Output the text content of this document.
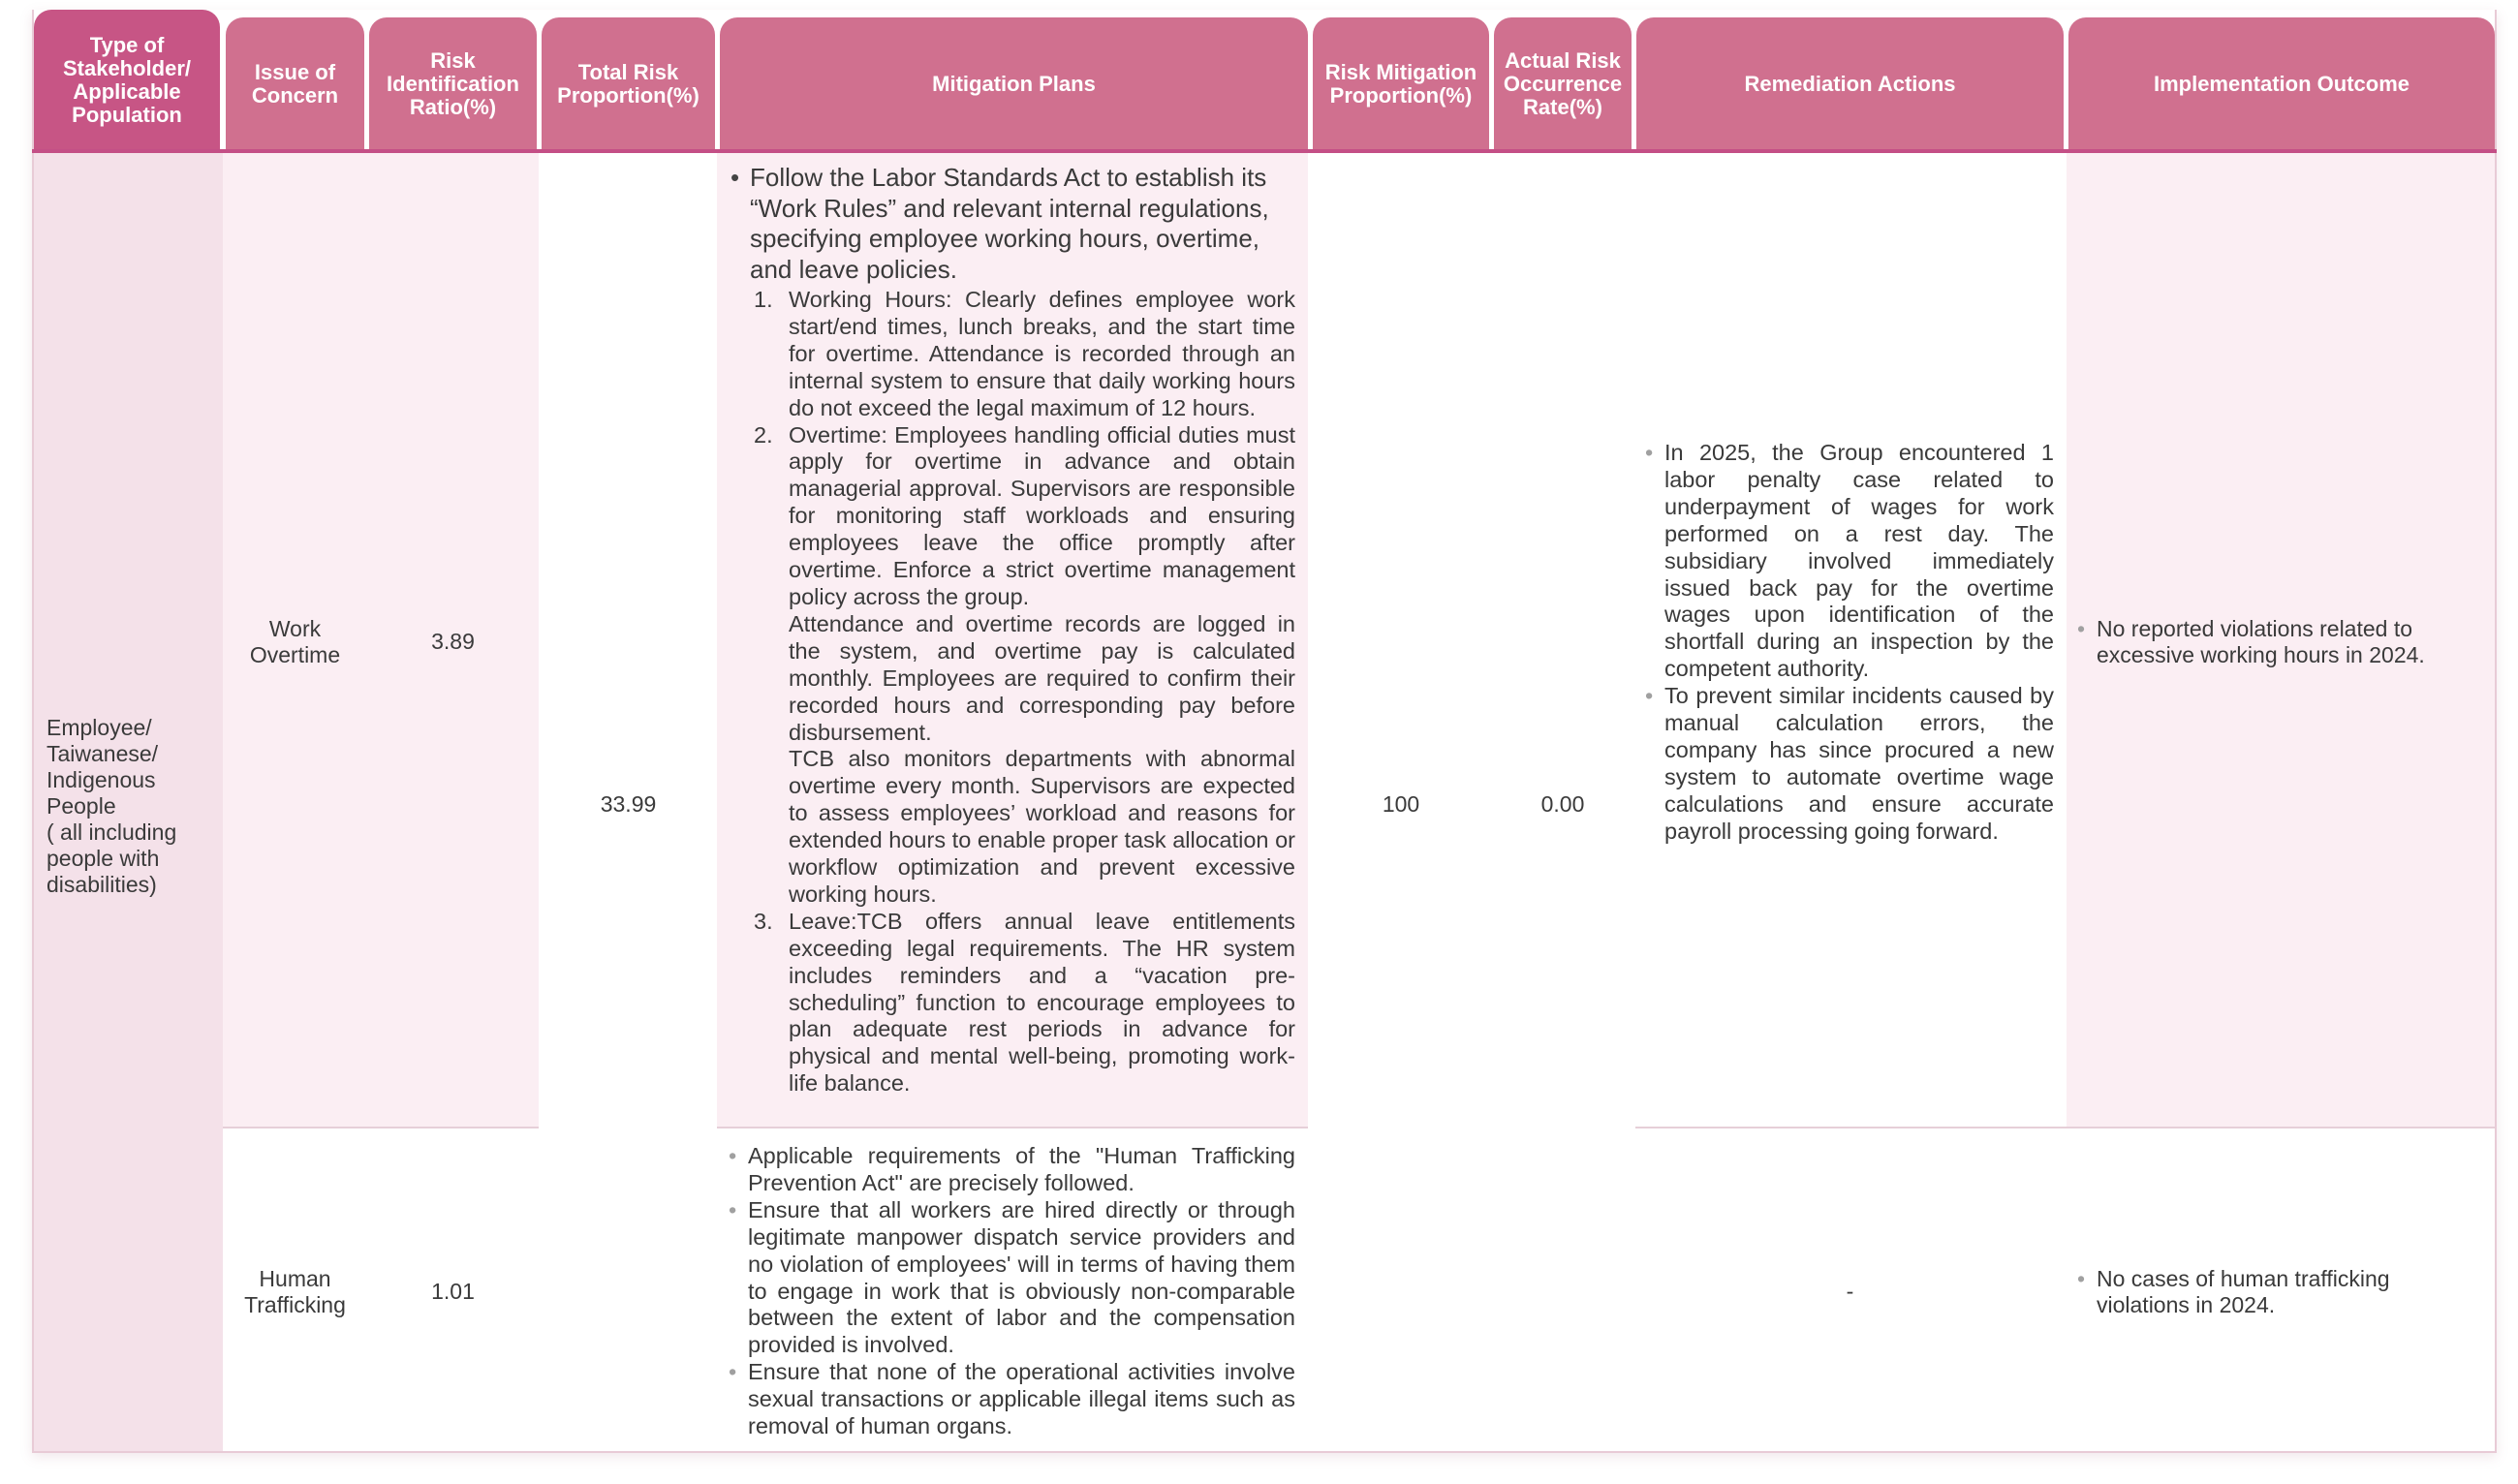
Type of Stakeholder/ Applicable Population
Issue of Concern
Risk Identification Ratio(%)
Total Risk Proportion(%)	Mitigation Plans	Risk Mitigation Proportion(%)
Actual Risk Occurrence Rate(%)
Remediation Actions	Implementation Outcome
Employee/
Taiwanese/
Indigenous
People
( all including
people with
disabilities)
33.99	100	0.00
Work
Overtime
3.89
• Follow the Labor Standards Act to establish its “Work Rules” and relevant internal regulations, specifying employee working hours, overtime, and leave policies.
1. Working Hours: Clearly defines employee work start/end times, lunch breaks, and the start time for overtime. Attendance is recorded through an internal system to ensure that daily working hours do not exceed the legal maximum of 12 hours.
2. Overtime: Employees handling official duties must apply for overtime in advance and obtain managerial approval. Supervisors are responsible for monitoring staff workloads and ensuring employees leave the office promptly after overtime. Enforce a strict overtime management policy across the group.
Attendance and overtime records are logged in the system, and overtime pay is calculated monthly. Employees are required to confirm their recorded hours and corresponding pay before disbursement.
TCB also monitors departments with abnormal overtime every month. Supervisors are expected to assess employees’ workload and reasons for extended hours to enable proper task allocation or workflow optimization and prevent excessive working hours.
3. Leave:TCB offers annual leave entitlements exceeding legal requirements. The HR system includes reminders and a “vacation pre-scheduling” function to encourage employees to plan adequate rest periods in advance for physical and mental well-being, promoting work-life balance.
• In 2025, the Group encountered 1 labor penalty case related to underpayment of wages for work performed on a rest day. The subsidiary involved immediately issued back pay for the overtime wages upon identification of the shortfall during an inspection by the competent authority.
• To prevent similar incidents caused by manual calculation errors, the company has since procured a new system to automate overtime wage calculations and ensure accurate payroll processing going forward.
• No reported violations related to excessive working hours in 2024.
Human
Trafficking
1.01
• Applicable requirements of the "Human Trafficking Prevention Act" are precisely followed.
• Ensure that all workers are hired directly or through legitimate manpower dispatch service providers and no violation of employees' will in terms of having them to engage in work that is obviously non-comparable between the extent of labor and the compensation provided is involved.
• Ensure that none of the operational activities involve sexual transactions or applicable illegal items such as removal of human organs.
-
•	No cases of human trafficking violations in 2024.
